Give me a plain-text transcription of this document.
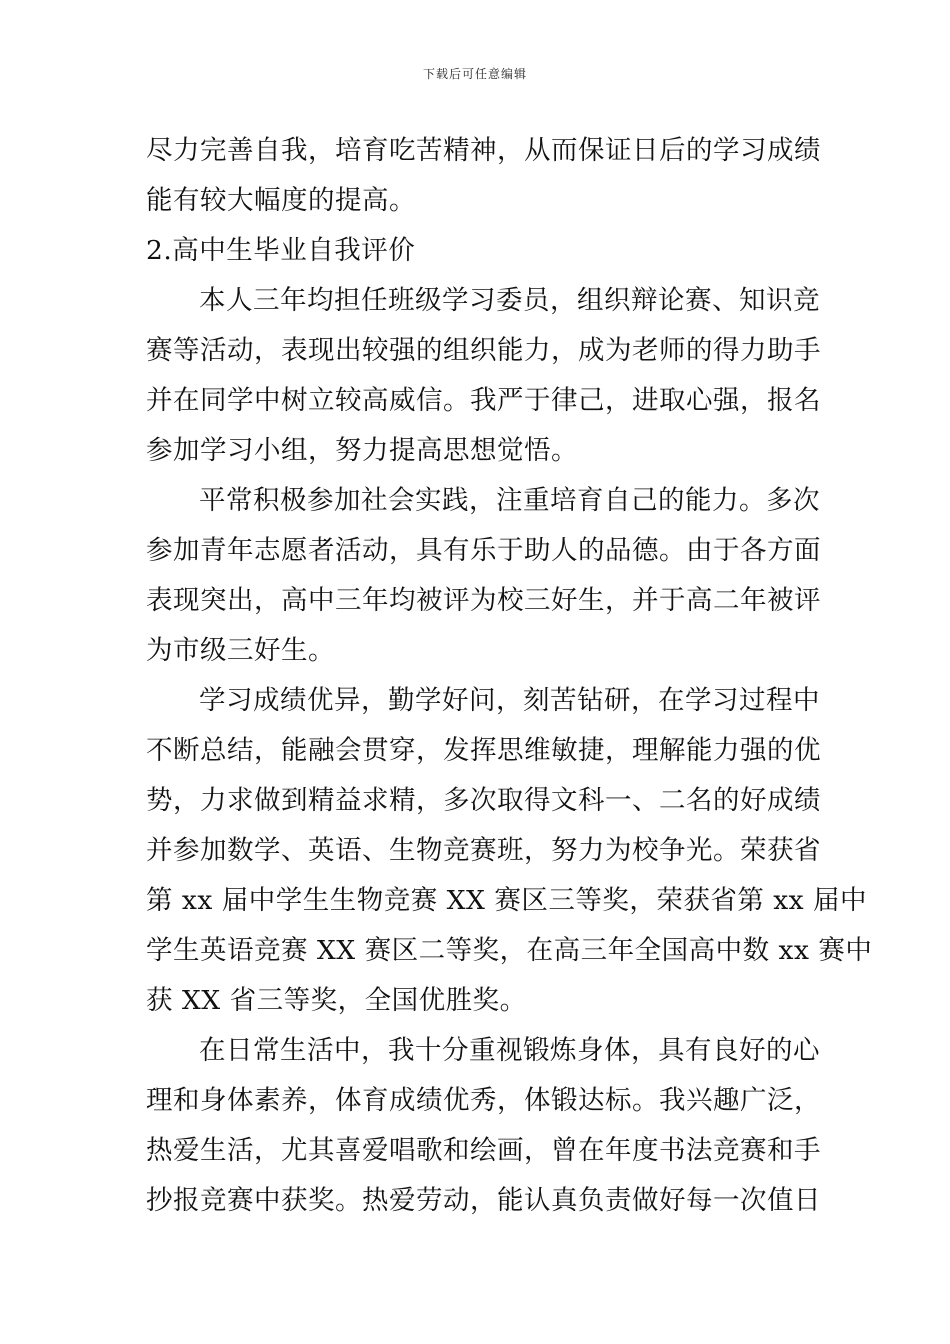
下载后可任意编辑
尽力完善自我，培育吃苦精神，从而保证日后的学习成绩
能有较大幅度的提高。
2.高中生毕业自我评价
本人三年均担任班级学习委员，组织辩论赛、知识竞
赛等活动，表现出较强的组织能力，成为老师的得力助手
并在同学中树立较高威信。我严于律己，进取心强，报名
参加学习小组，努力提高思想觉悟。
平常积极参加社会实践，注重培育自己的能力。多次
参加青年志愿者活动，具有乐于助人的品德。由于各方面
表现突出，高中三年均被评为校三好生，并于高二年被评
为市级三好生。
学习成绩优异，勤学好问，刻苦钻研，在学习过程中
不断总结，能融会贯穿，发挥思维敏捷，理解能力强的优
势，力求做到精益求精，多次取得文科一、二名的好成绩
并参加数学、英语、生物竞赛班，努力为校争光。荣获省
第 xx 届中学生生物竞赛 XX 赛区三等奖，荣获省第 xx 届中
学生英语竞赛 XX 赛区二等奖，在高三年全国高中数 xx 赛中
获 XX 省三等奖，全国优胜奖。
在日常生活中，我十分重视锻炼身体，具有良好的心
理和身体素养，体育成绩优秀，体锻达标。我兴趣广泛，
热爱生活，尤其喜爱唱歌和绘画，曾在年度书法竞赛和手
抄报竞赛中获奖。热爱劳动，能认真负责做好每一次值日
